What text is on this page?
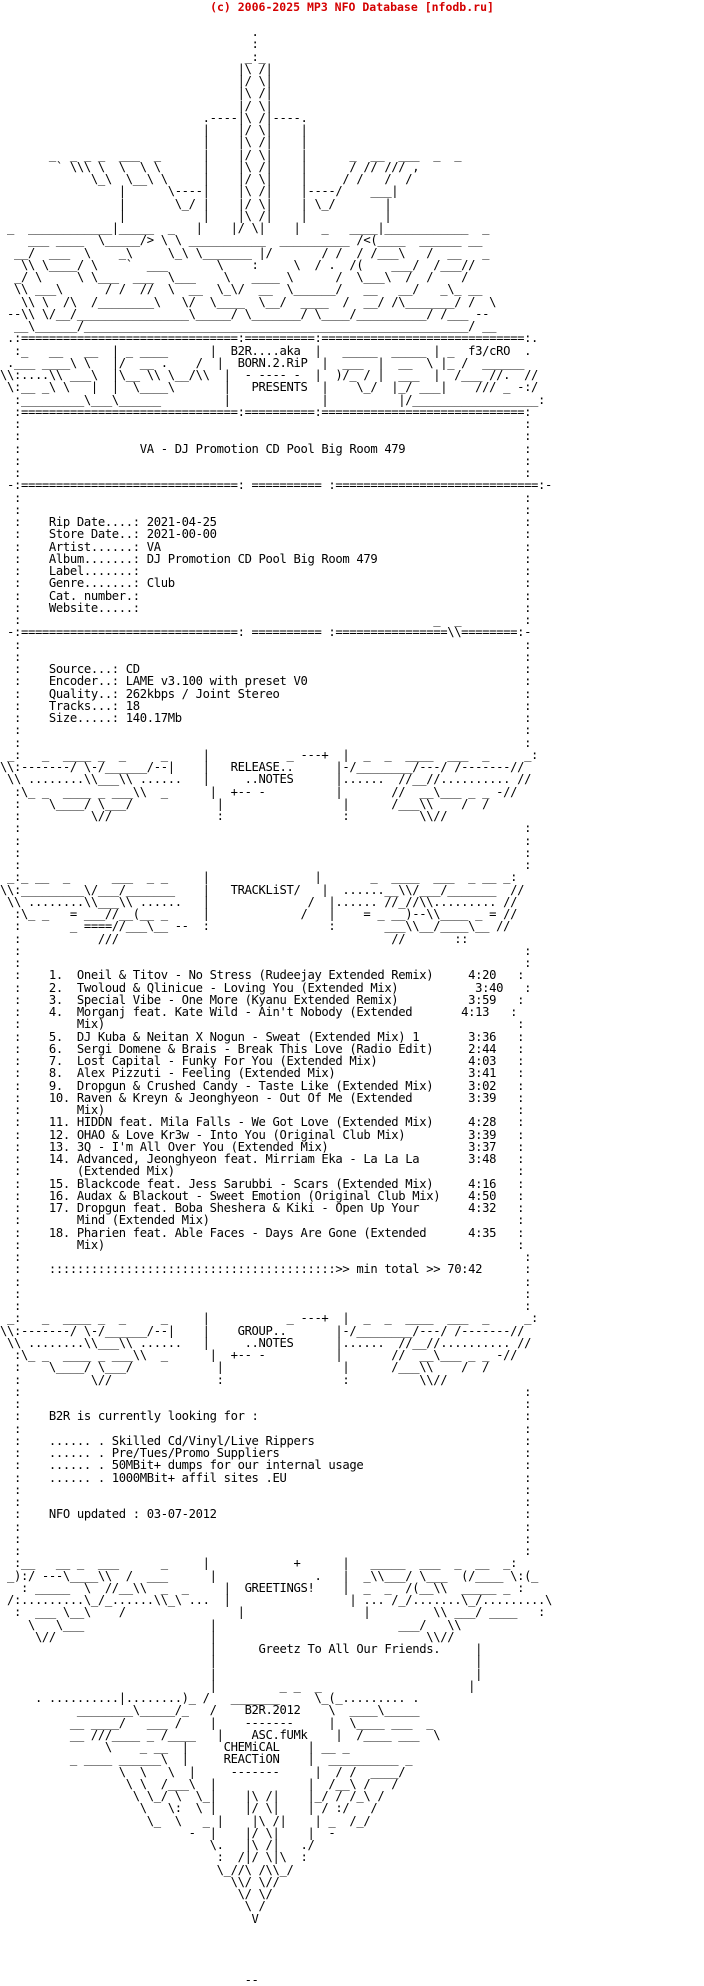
(c) 2006-2025 MP3 NFO Database [nfodb.ru]
.
:
_:_
|\ /|
|/ \|
|\ /|
|/ \|
.----|\ /|----.
|    |/ \|    |
|    |\ /|    |
_  _ _ _  ___  _      |    |/ \|    |      _  __  ___  _  _
` \\\ \  \  \ \      |    |\ /|    |      / // /// ,
\_\  \__\ \     |    |/ \|    |     / /   /  /
|      \----|    |\ /|    |----/    ___|
|       \_/ |    |/ \|    | \_/       |
|           |    |\ /|    |           |
_  ____________|_____  _   |    |/ \|    |   _   ____|____________  _
___ ____  \_____/> \ \ ___________  __________ /<(____  ______ __
__/  ___  \    _\     \_\ \_______ |/       / /  / /___\   /  __   _
\\ \____/ \    `  ___       \    :     \  / .  /(    ___/  /___//
_/ \     \ \___  ___  \___    \   ____ \      /  \___\  /  /    /
\\ ___\      / /  //  \  __  \_\/  __  \______/   __   __/   _\_ __
\\ \  /\  /________\   \/  \____  \__/  ____  /  __/ /\_______/ /  \
--\\ \/__/________________\_____/ \_______/ \____/__________/ /___ --
__\______/_______________________________________________________/ __
.:===============================:==========:=============================:.
:_   __   __  | _ ____      |  B2R....aka  |   _____  _____ | _  f3/cRO  .
.___ ____\ \   |/  __ .    /  |  BORN.2.RiP  |  ___  |  __  \ |_ /  ______
\\:....\\ ___\  |\__ \\ \__/\\  |  - ---- -  |  )/_ / |  ___  |  /___ //.  //
\:__ _\ \   |  |  \____\       |   PRESENTS  |    \_/  |_/ ___|    /// _ -:/
:_________\___\______         |             |          |/__________________:
:===============================:==========:=============================:
:                                                                        :
:                                                                        :
:                 VA - DJ Promotion CD Pool Big Room 479                 :
:                                                                        :
:                                                                        :
-:===============================: ========== :=============================:-
:                                                                        :
:                                                                        :
:    Rip Date....: 2021-04-25                                            :
:    Store Date..: 2021-00-00                                            :
:    Artist......: VA                                                    :
:    Album.......: DJ Promotion CD Pool Big Room 479                     :
:    Label.......:                                                       :
:    Genre.......: Club                                                  :
:    Cat. number.:                                                       :
:    Website.....:                                                       :
:                                                           _  _         :
-:===============================: ========== :================\\========:-
:                                                                        :
:                                                                        :
:    Source...: CD                                                       :
:    Encoder..: LAME v3.100 with preset V0                               :
:    Quality..: 262kbps / Joint Stereo                                   :
:    Tracks...: 18                                                       :
:    Size.....: 140.17Mb                                                 :
:                                                                        :
:                                                                        :
_:   _  ____ _  _     _     |           _ ---+  |  _  _  ____  ___  _     _:
\\:-------/ \-/______/--|    |   RELEASE..      |-/________/---/ /-------//
\\ ........\\___\\ ......   |     ..NOTES      |......  //__//.......... //
:\_ _  ____ _ ___\\  _      |  +-- -          |       //  __\___ _ _ -//
:    \____/ \___/            |                 |      /___\\    /  /
:          \//               :                 :          \\//
:                                                                        :
:                                                                        :
:                                                                        :
:                                                                        :
_:_ __  _      ___  _ _     |               |       _  ____  ___  _ __ _:
\\:_________\/___/_______    |   TRACKLiST/   |  ......__\\/___/_______  //
\\ ........\\___\\ ......   |              /  |...... //_//\\......... //
:\_ _   = ___//__(__ _     |             /   |    = _ __)--\\____ _ = //
:       _ ====//___\__ --  :                 :       ___\\__/____\__ //
:           ///                                       //       ::
:                                                                        :
:                                                                        :
:    1.  Oneil & Titov - No Stress (Rudeejay Extended Remix)     4:20   :
:    2.  Twoloud & Qlinicue - Loving You (Extended Mix)           3:40   :
:    3.  Special Vibe - One More (Kyanu Extended Remix)          3:59   :
:    4.  Morganj feat. Kate Wild - Ain't Nobody (Extended       4:13   :
:        Mix)                                                           :
:    5.  DJ Kuba & Neitan X Nogun - Sweat (Extended Mix) 1       3:36   :
:    6.  Sergi Domene & Brais - Break This Love (Radio Edit)     2:44   :
:    7.  Lost Capital - Funky For You (Extended Mix)             4:03   :
:    8.  Alex Pizzuti - Feeling (Extended Mix)                   3:41   :
:    9.  Dropgun & Crushed Candy - Taste Like (Extended Mix)     3:02   :
:    10. Raven & Kreyn & Jeonghyeon - Out Of Me (Extended        3:39   :
:        Mix)                                                           :
:    11. HIDDN feat. Mila Falls - We Got Love (Extended Mix)     4:28   :
:    12. OHAO & Love Kr3w - Into You (Original Club Mix)         3:39   :
:    13. 3Q - I'm All Over You (Extended Mix)                    3:37   :
:    14. Advanced, Jeonghyeon feat. Mirriam Eka - La La La       3:48   :
:        (Extended Mix)                                                 :
:    15. Blackcode feat. Jess Sarubbi - Scars (Extended Mix)     4:16   :
:    16. Audax & Blackout - Sweet Emotion (Original Club Mix)    4:50   :
:    17. Dropgun feat. Boba Sheshera & Kiki - Open Up Your       4:32   :
:        Mind (Extended Mix)                                            :
:    18. Pharien feat. Able Faces - Days Are Gone (Extended      4:35   :
:        Mix)                                                           :
:                                                                        :
:    :::::::::::::::::::::::::::::::::::::::::>> min total >> 70:42      :
:                                                                        :
:                                                                        :
:                                                                        :
_:   _  ____ _  _     _     |           _ ---+  |  _  _  ____  ___  _     _:
\\:-------/ \-/______/--|    |    GROUP..       |-/________/---/ /-------//
\\ ........\\___\\ ......   |     ..NOTES      |......  //__//.......... //
:\_ _  ____ _ ___\\  _      |  +-- -          |       //  __\___ _ _ -//
:    \____/ \___/            |                 |      /___\\    /  /
:          \//               :                 :          \\//
:                                                                        :
:                                                                        :
:    B2R is currently looking for :                                      :
:                                                                        :
:    ...... . Skilled Cd/Vinyl/Live Rippers                              :
:    ...... . Pre/Tues/Promo Suppliers                                   :
:    ...... . 50MBit+ dumps for our internal usage                       :
:    ...... . 1000MBit+ affil sites .EU                                  :
:                                                                        :
:                                                                        :
:    NFO updated : 03-07-2012                                            :
:                                                                        :
:                                                                        :
:                                                                        :
:__   __ _  ___      _     |            +      |   _____  ___  _  __  _:
_):/ ---\____\\  /  ___      |              .   |  _\\___/ \___  (/____ \:(_
: _____  \  //__\\  _  _     |  GREETINGS!    |  _  _  /(__\\  _____ _ :
/:.........\_/_......\\_\ ...  |                 | ... /_/.......\_/.........\
:  ___ \__\    /                |                 |         \\ ___/ ____   :
\   \___                  |                          ___/   \\
\//                      |                              \\//
|      Greetz To All Our Friends.     |
|                                     |
|                                     |
|         _ _  _                     |
. ..........|........)_ /   _______     \_(_......... .
________\_____/_   /    B2R.2012    \  ____\_____
__ ____/   ___ /    |    -------     |  \____ ___  _
__ ///____ _ /____   |    ASC.fUMk    |  /____ ___  \
\    _ __  |     CHEMiCAL    | __ _
_ ____ ______\  |     REACTiON    |  __________ _
\  \   \  |     -------     |  / /  ____/
\ \  /___\  |             |  /__\ /   /
\ \_/ \  \_|    |\ /|    |_/ / /_\ /
\   \:  \ |    |/ \|    | / :/   /
\_  \   _ |    |\ /|    | _  /_/
-  |    |/ \|    |  -
\.   |\ /|   ./
:  /|/ \|\  :
\_//\ /\\_/
\\/ \//
\/ \/
\ /
V

--
